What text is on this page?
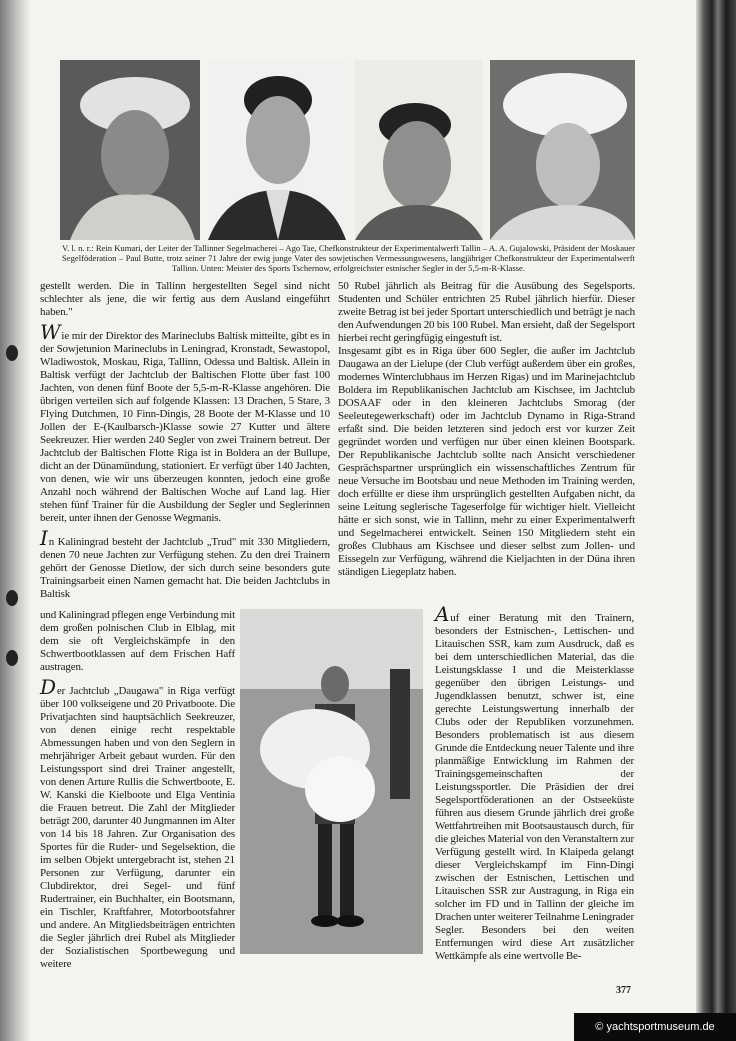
V. l. n. r.: Rein Kumari, der Leiter der Tallinner Segelmacherei – Ago Tae, Chefkonstrukteur der Experimentalwerft Tallin – A. A. Gujalowski, Präsident der Moskauer Segelföderation – Paul Butte, trotz seiner 71 Jahre der ewig junge Vater des sowjetischen Vermessungswesens, langjähriger Chefkonstrukteur der Experimentalwerft Tallinn. Unten: Meister des Sports Tschernow, erfolgreichster estnischer Segler in der 5,5-m-R-Klasse.

gestellt werden. Die in Tallinn hergestellten Segel sind nicht schlechter als jene, die wir fertig aus dem Ausland eingeführt haben."

Wie mir der Direktor des Marineclubs Baltisk mitteilte, gibt es in der Sowjetunion Marineclubs in Leningrad, Kronstadt, Sewastopol, Wladiwostok, Moskau, Riga, Tallinn, Odessa und Baltisk. Allein in Baltisk verfügt der Jachtclub der Baltischen Flotte über fast 100 Jachten, von denen fünf Boote der 5,5-m-R-Klasse angehören. Die übrigen verteilen sich auf folgende Klassen: 13 Drachen, 5 Stare, 3 Flying Dutchmen, 10 Finn-Dingis, 28 Boote der M-Klasse und 10 Jollen der E-(Kaulbarsch-)Klasse sowie 27 Kutter und ältere Seekreuzer. Hier werden 240 Segler von zwei Trainern betreut. Der Jachtclub der Baltischen Flotte Riga ist in Boldera an der Bullupe, dicht an der Dünamündung, stationiert. Er verfügt über 140 Jachten, von denen, wie wir uns überzeugen konnten, jedoch eine große Anzahl noch während der Baltischen Woche auf Land lag. Hier stehen fünf Trainer für die Ausbildung der Segler und Seglerinnen bereit, unter ihnen der Genosse Wegmanis.

In Kaliningrad besteht der Jachtclub „Trud" mit 330 Mitgliedern, denen 70 neue Jachten zur Verfügung stehen. Zu den drei Trainern gehört der Genosse Dietlow, der sich durch seine besonders gute Trainingsarbeit einen Namen gemacht hat. Die beiden Jachtclubs in Baltisk

50 Rubel jährlich als Beitrag für die Ausübung des Segelsports. Studenten und Schüler entrichten 25 Rubel jährlich hierfür. Dieser zweite Betrag ist bei jeder Sportart unterschiedlich und beträgt je nach den Aufwendungen 20 bis 100 Rubel. Man ersieht, daß der Segelsport hierbei recht geringfügig eingestuft ist.

Insgesamt gibt es in Riga über 600 Segler, die außer im Jachtclub Daugawa an der Lielupe (der Club verfügt außerdem über ein großes, modernes Winterclubhaus im Herzen Rigas) und im Marinejachtclub Boldera im Republikanischen Jachtclub am Kischsee, im Jachtclub DOSAAF oder in den kleineren Jachtclubs Smorag (der Seeleutegewerkschaft) oder im Jachtclub Dynamo in Riga-Strand erfaßt sind. Die beiden letzteren sind jedoch erst vor kurzer Zeit gegründet worden und verfügen nur über einen kleinen Bootspark. Der Republikanische Jachtclub sollte nach Ansicht verschiedener Gesprächspartner ursprünglich ein wissenschaftliches Zentrum für neue Versuche im Bootsbau und neue Methoden im Training werden, doch erfüllte er diese ihm ursprünglich gestellten Aufgaben nicht, da seine Leitung seglerische Tageserfolge für wichtiger hielt. Vielleicht hätte er sich sonst, wie in Tallinn, mehr zu einer Experimentalwerft und Segelmacherei entwickelt. Seinen 150 Mitgliedern steht ein großes Clubhaus am Kischsee und dieser selbst zum Jollen- und Eissegeln zur Verfügung, während die Kieljachten in der Düna ihren ständigen Liegeplatz haben.

und Kaliningrad pflegen enge Verbindung mit dem großen polnischen Club in Elblag, mit dem sie oft Vergleichskämpfe in den Schwertbootklassen auf dem Frischen Haff austragen.

Der Jachtclub „Daugawa" in Riga verfügt über 100 volkseigene und 20 Privatboote. Die Privatjachten sind hauptsächlich Seekreuzer, von denen einige recht respektable Abmessungen haben und von den Seglern in mehrjähriger Arbeit gebaut wurden. Für den Leistungssport sind drei Trainer angestellt, von denen Arture Rullis die Schwertboote, E. W. Kanski die Kielboote und Elga Ventinia die Frauen betreut. Die Zahl der Mitglieder beträgt 200, darunter 40 Jungmannen im Alter von 14 bis 18 Jahren. Zur Organisation des Sportes für die Ruder- und Segelsektion, die im selben Objekt untergebracht ist, stehen 21 Personen zur Verfügung, darunter ein Clubdirektor, drei Segel- und fünf Rudertrainer, ein Buchhalter, ein Bootsmann, ein Tischler, Kraftfahrer, Motorbootsfahrer und andere. An Mitgliedsbeiträgen entrichten die Segler jährlich drei Rubel als Mitglieder der Sozialistischen Sportbewegung und weitere

Auf einer Beratung mit den Trainern, besonders der Estnischen-, Lettischen- und Litauischen SSR, kam zum Ausdruck, daß es bei dem unterschiedlichen Material, das die Leistungsklasse I und die Meisterklasse gegenüber den übrigen Leistungs- und Jugendklassen benutzt, schwer ist, eine gerechte Leistungswertung innerhalb der Clubs oder der Republiken vorzunehmen. Besonders problematisch ist aus diesem Grunde die Entdeckung neuer Talente und ihre planmäßige Entwicklung im Rahmen der Trainingsgemeinschaften der Leistungssportler. Die Präsidien der drei Segelsportföderationen an der Ostseeküste führen aus diesem Grunde jährlich drei große Wettfahrtreihen mit Bootsaustausch durch, für die gleiches Material von den Veranstaltern zur Verfügung gestellt wird. In Klaipeda gelangt dieser Vergleichskampf im Finn-Dingi zwischen der Estnischen, Lettischen und Litauischen SSR zur Austragung, in Riga ein solcher im FD und in Tallinn der gleiche im Drachen unter weiterer Teilnahme Leningrader Segler. Besonders bei den weiten Entfernungen wird diese Art zusätzlicher Wettkämpfe als eine wertvolle Be-

377
© yachtsportmuseum.de
